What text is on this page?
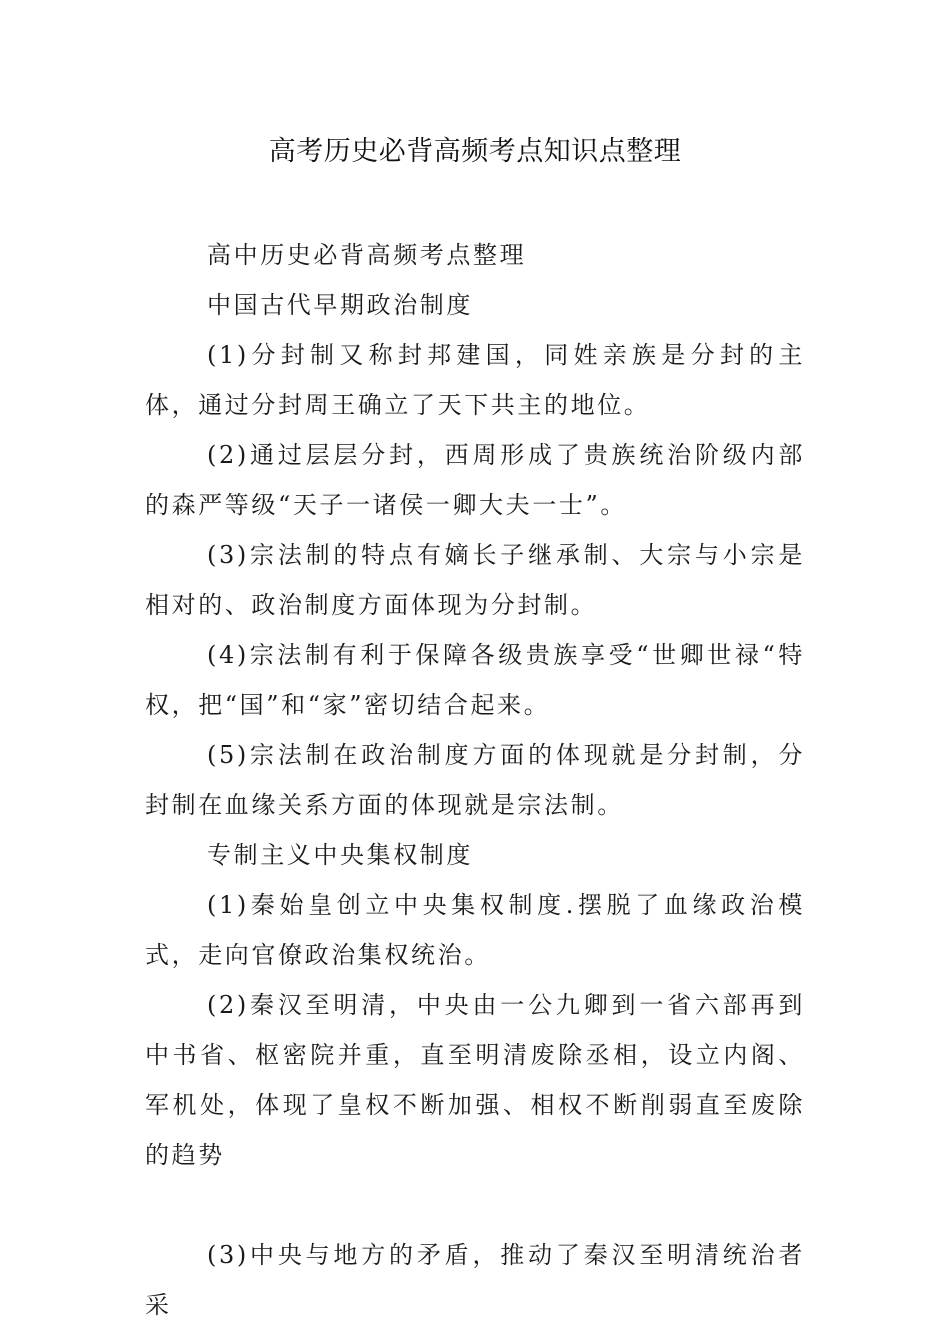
高考历史必背高频考点知识点整理

高中历史必背高频考点整理

中国古代早期政治制度

(1)分封制又称封邦建国，同姓亲族是分封的主体，通过分封周王确立了天下共主的地位。

(2)通过层层分封，西周形成了贵族统治阶级内部的森严等级“天子一诸侯一卿大夫一士”。

(3)宗法制的特点有嫡长子继承制、大宗与小宗是相对的、政治制度方面体现为分封制。

(4)宗法制有利于保障各级贵族享受“世卿世禄“特权，把“国”和“家”密切结合起来。

(5)宗法制在政治制度方面的体现就是分封制，分封制在血缘关系方面的体现就是宗法制。

专制主义中央集权制度

(1)秦始皇创立中央集权制度.摆脱了血缘政治模式，走向官僚政治集权统治。

(2)秦汉至明清，中央由一公九卿到一省六部再到中书省、枢密院并重，直至明清废除丞相，设立内阁、军机处，体现了皇权不断加强、相权不断削弱直至废除的趋势

(3)中央与地方的矛盾，推动了秦汉至明清统治者采
